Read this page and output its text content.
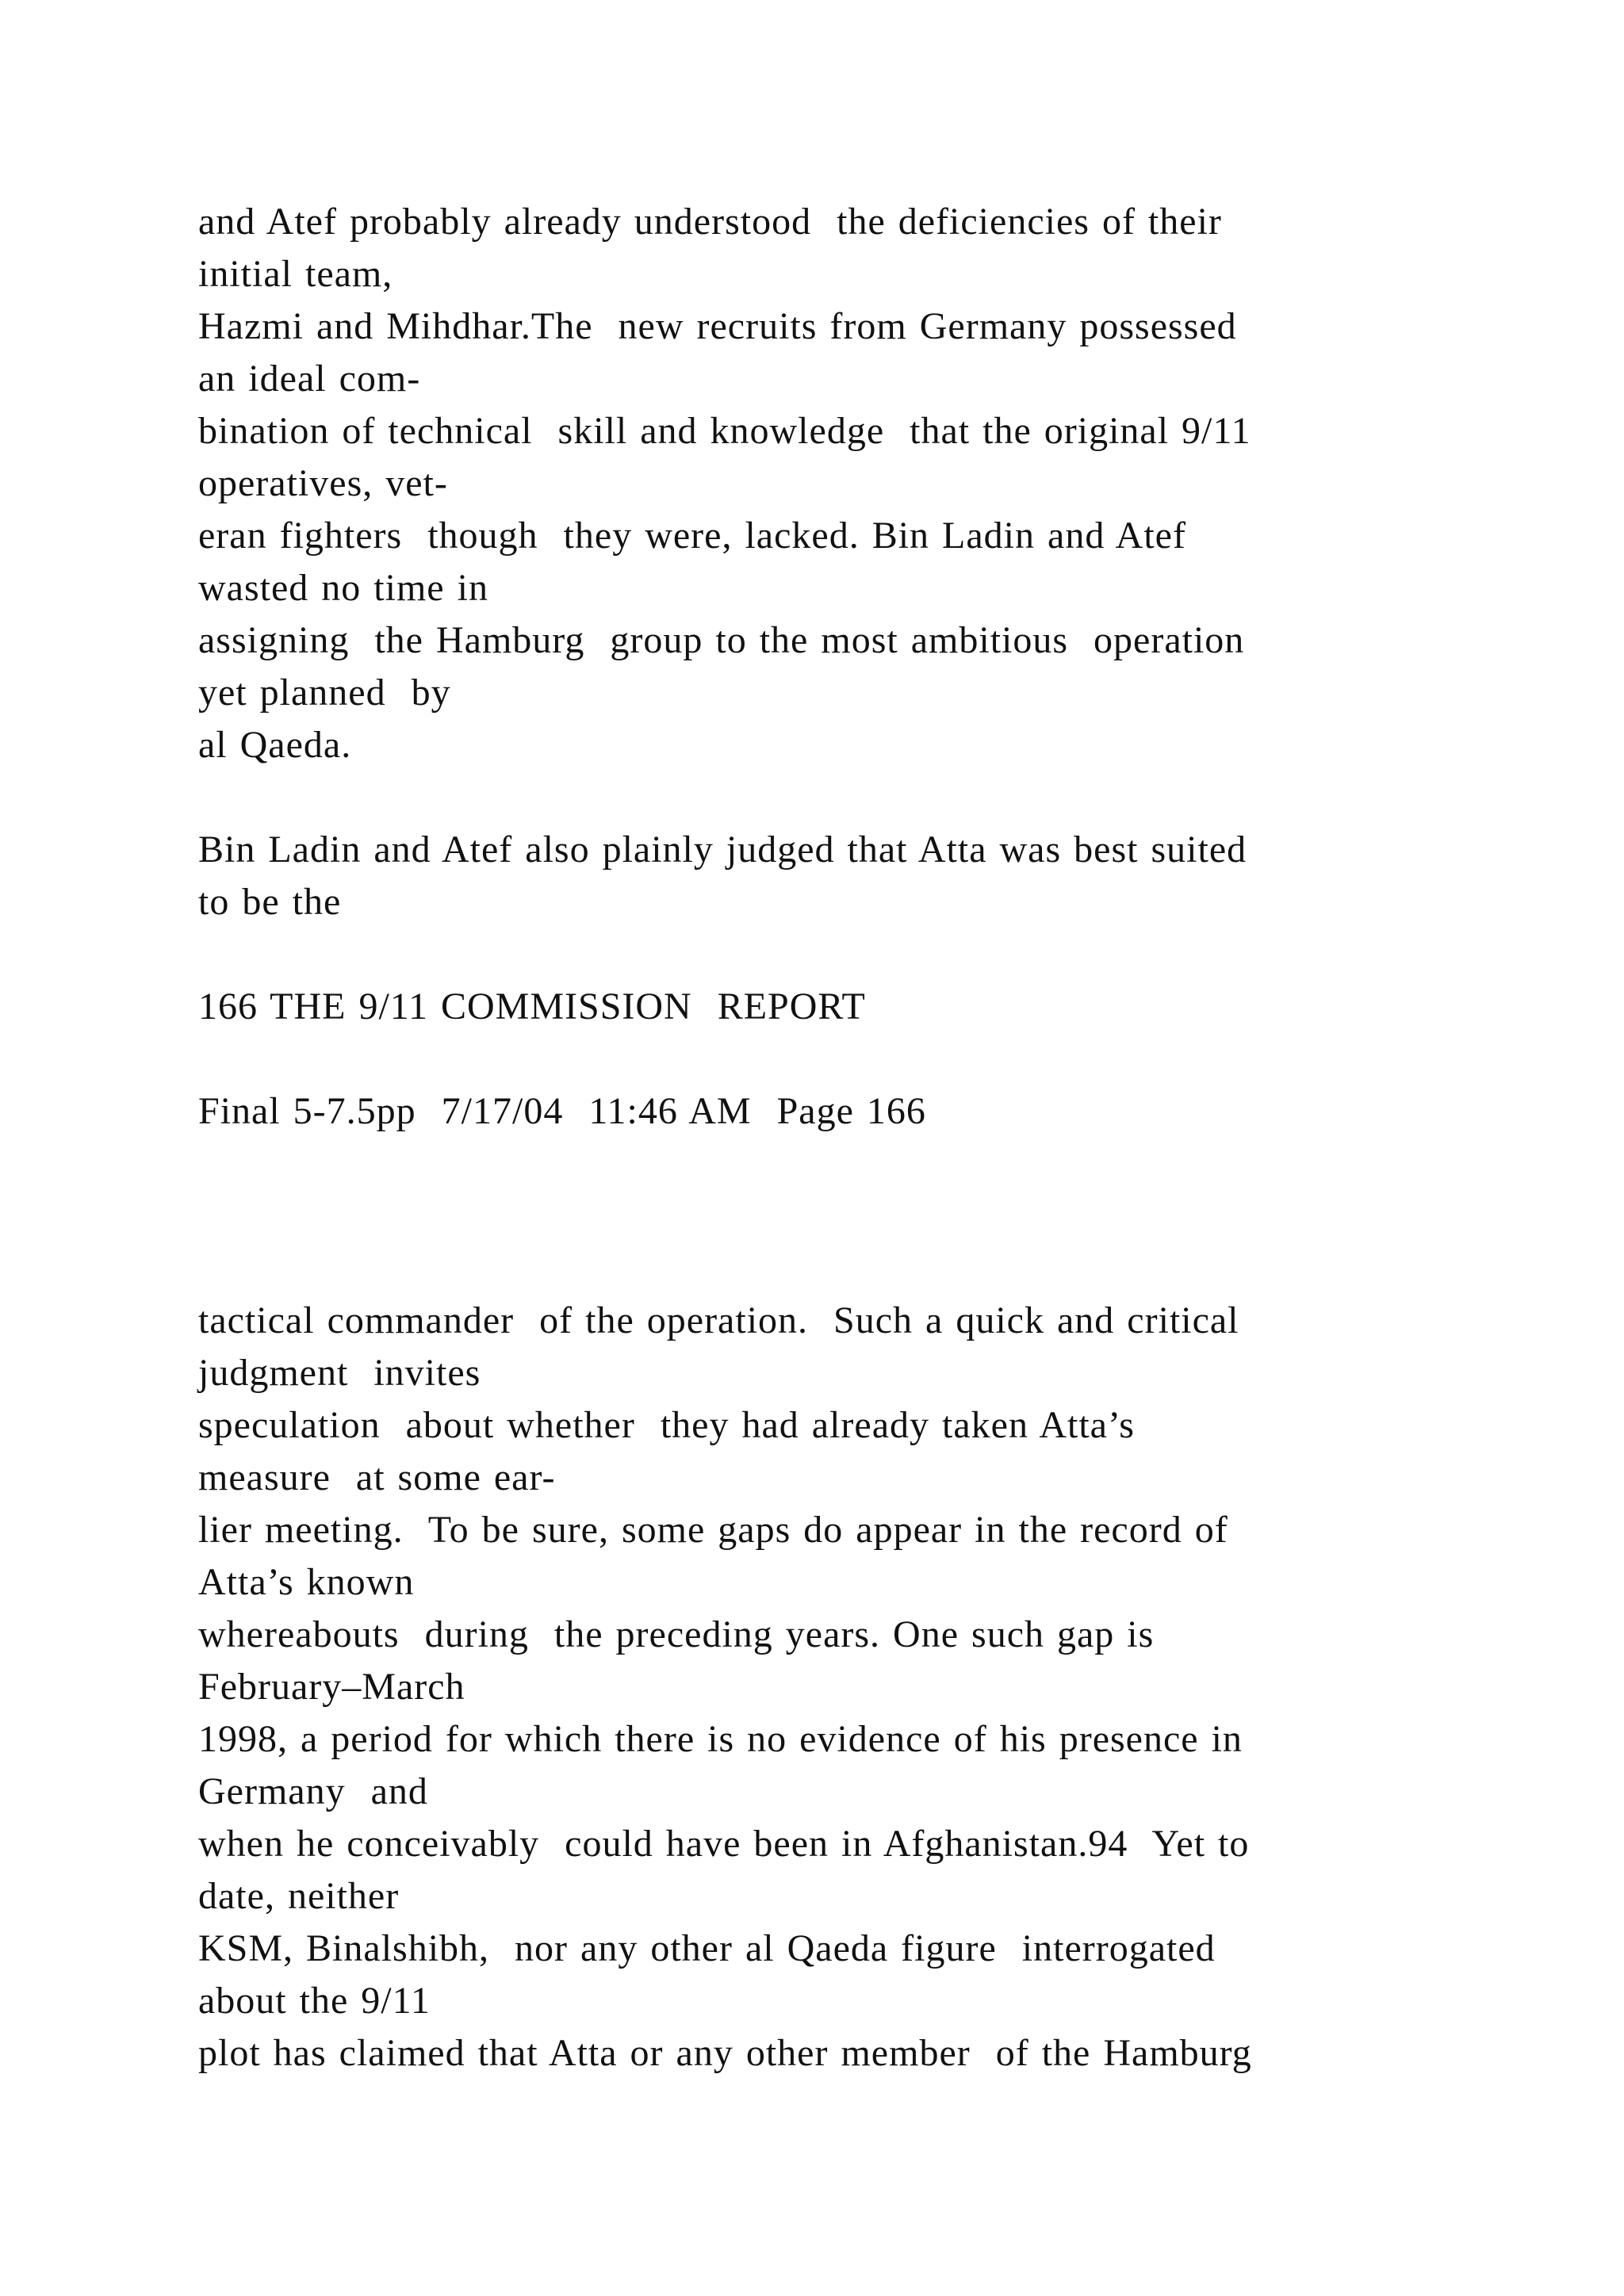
and Atef probably already understood  the deficiencies of their
initial team,
Hazmi and Mihdhar.The  new recruits from Germany possessed
an ideal com-
bination of technical  skill and knowledge  that the original 9/11
operatives, vet-
eran fighters  though  they were, lacked. Bin Ladin and Atef
wasted no time in
assigning  the Hamburg  group to the most ambitious  operation
yet planned  by
al Qaeda.
Bin Ladin and Atef also plainly judged that Atta was best suited
to be the
166 THE 9/11 COMMISSION  REPORT
Final 5-7.5pp  7/17/04  11:46 AM  Page 166
tactical commander  of the operation.  Such a quick and critical
judgment  invites
speculation  about whether  they had already taken Atta’s
measure  at some ear-
lier meeting.  To be sure, some gaps do appear in the record of
Atta’s known
whereabouts  during  the preceding years. One such gap is
February–March
1998, a period for which there is no evidence of his presence in
Germany  and
when he conceivably  could have been in Afghanistan.94  Yet to
date, neither
KSM, Binalshibh,  nor any other al Qaeda figure  interrogated
about the 9/11
plot has claimed that Atta or any other member  of the Hamburg
